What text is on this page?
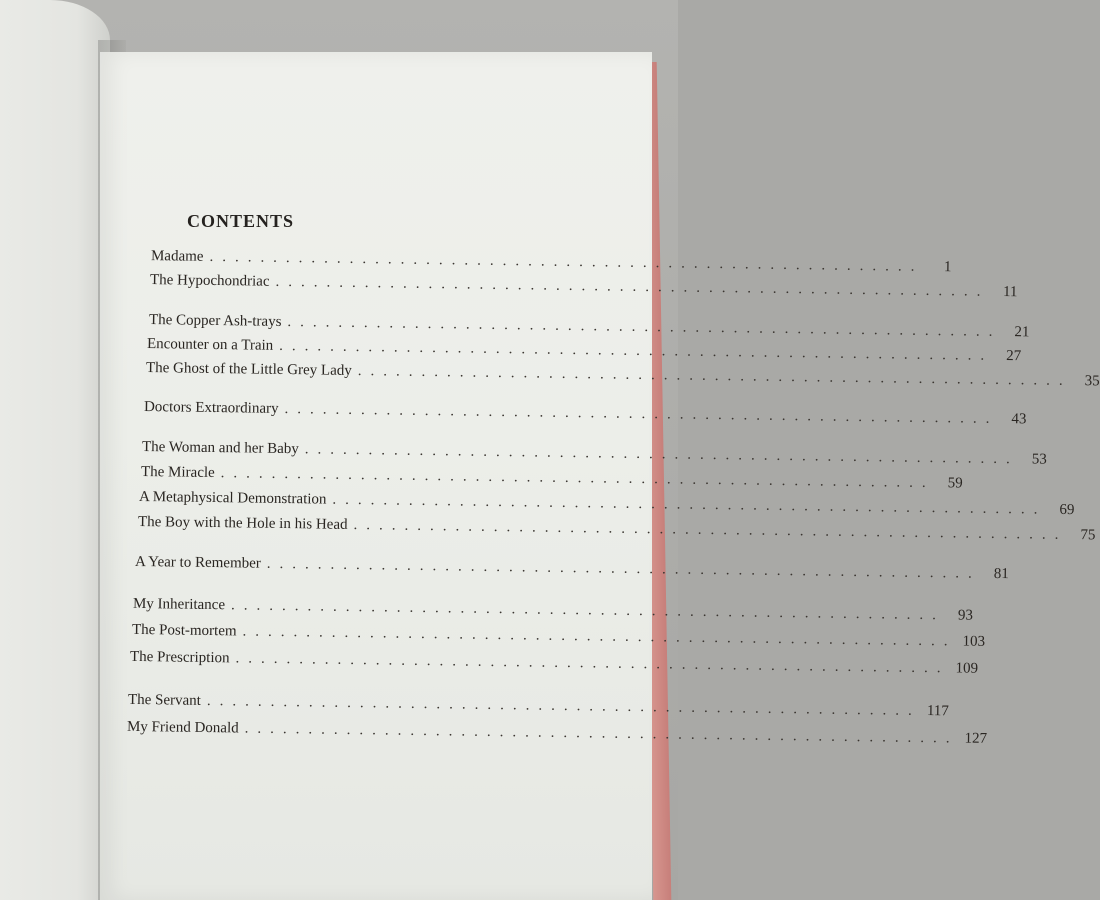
CONTENTS
Madame ........................................................	1
The Hypochondriac ........................................................ 11
The Copper Ash-trays ........................................................ 21
Encounter on a Train ........................................................ 27
The Ghost of the Little Grey Lady ........................................................ 35
Doctors Extraordinary ........................................................ 43
The Woman and her Baby ........................................................ 53
The Miracle ........................................................ 59
A Metaphysical Demonstration ........................................................ 69
The Boy with the Hole in his Head ........................................................ 75
A Year to Remember ........................................................ 81
My Inheritance ........................................................ 93
The Post-mortem ........................................................ 103
The Prescription ........................................................ 109
The Servant ........................................................ 117
My Friend Donald ........................................................ 127
